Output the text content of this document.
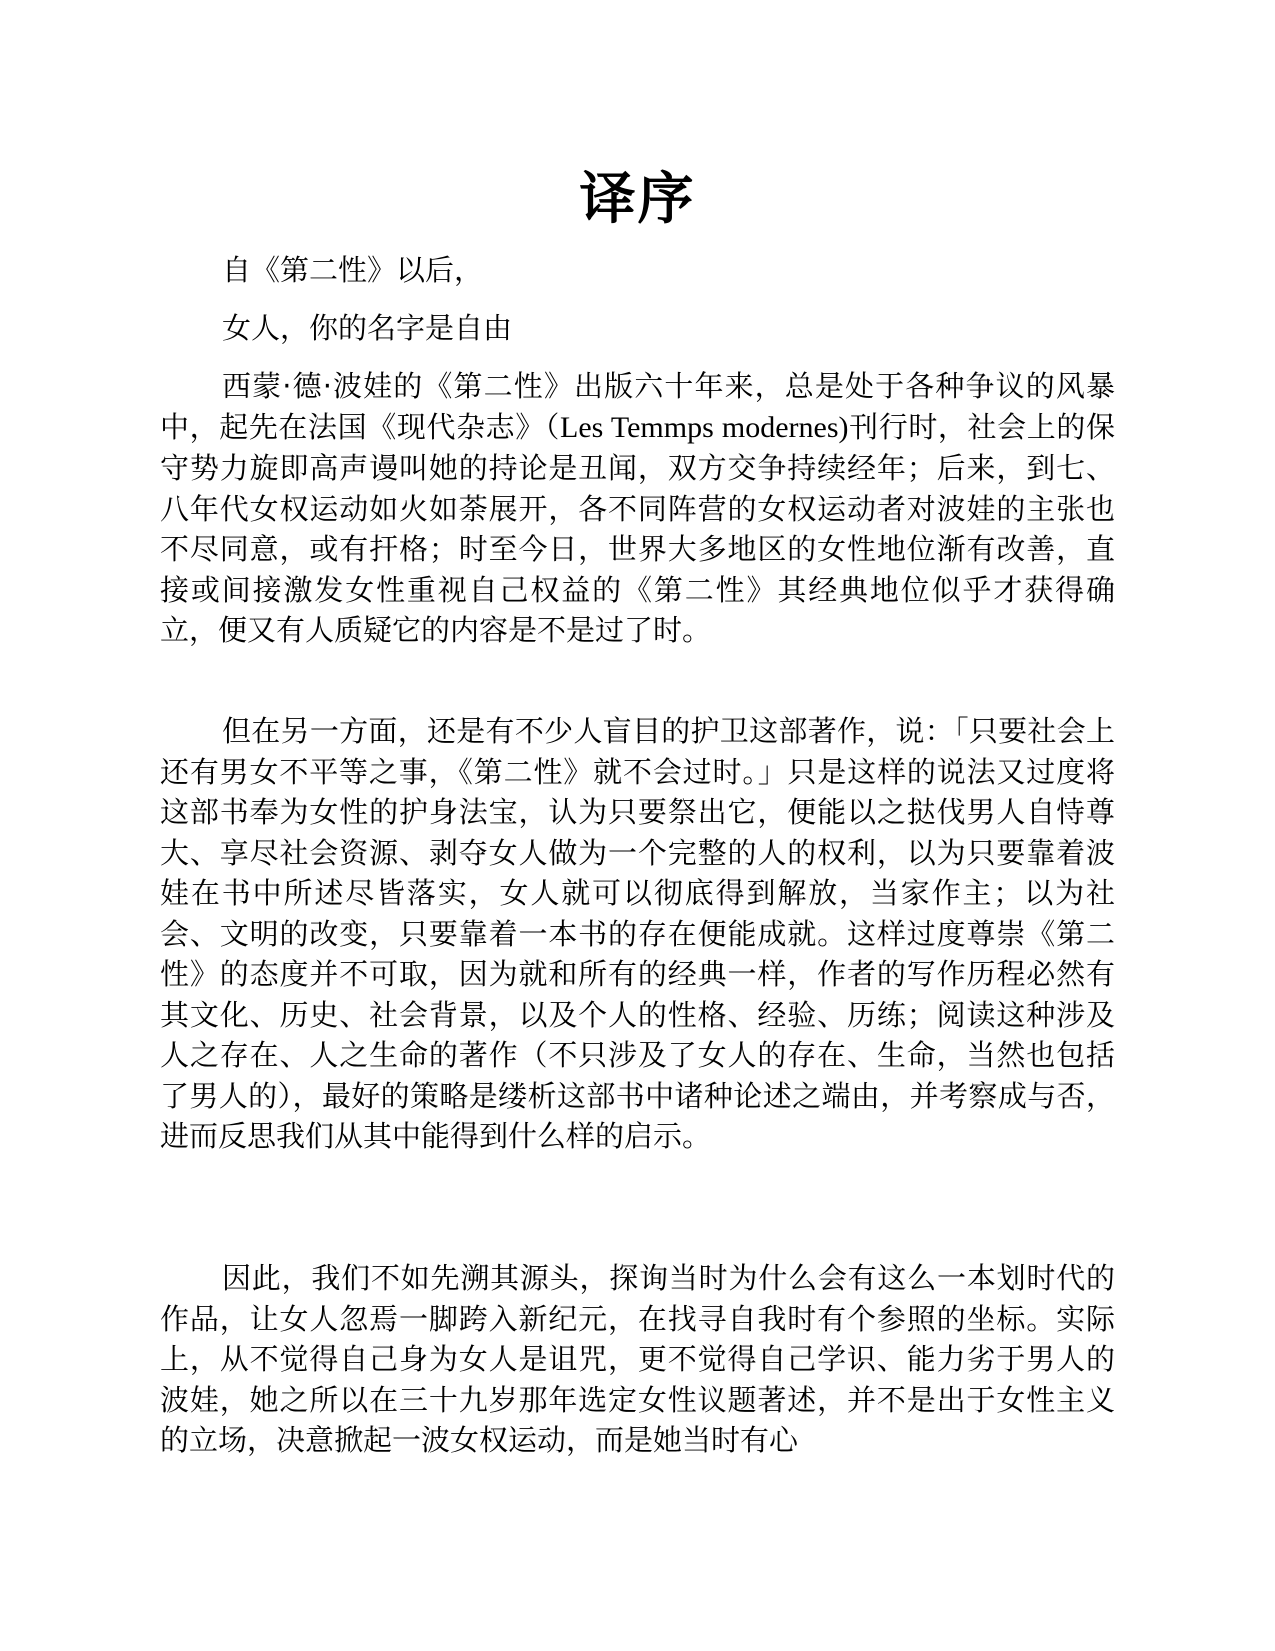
译序

自《第二性》以后，

女人，你的名字是自由

西蒙·德·波娃的《第二性》出版六十年来，总是处于各种争议的风暴中，起先在法国《现代杂志》（Les Temmps modernes)刊行时，社会上的保守势力旋即高声谩叫她的持论是丑闻，双方交争持续经年；后来，到七、八年代女权运动如火如荼展开，各不同阵营的女权运动者对波娃的主张也不尽同意，或有扞格；时至今日，世界大多地区的女性地位渐有改善，直接或间接激发女性重视自己权益的《第二性》其经典地位似乎才获得确立，便又有人质疑它的内容是不是过了时。

但在另一方面，还是有不少人盲目的护卫这部著作，说：「只要社会上还有男女不平等之事，《第二性》就不会过时。」只是这样的说法又过度将这部书奉为女性的护身法宝，认为只要祭出它，便能以之挞伐男人自恃尊大、享尽社会资源、剥夺女人做为一个完整的人的权利，以为只要靠着波娃在书中所述尽皆落实，女人就可以彻底得到解放，当家作主；以为社会、文明的改变，只要靠着一本书的存在便能成就。这样过度尊崇《第二性》的态度并不可取，因为就和所有的经典一样，作者的写作历程必然有其文化、历史、社会背景，以及个人的性格、经验、历练；阅读这种涉及人之存在、人之生命的著作（不只涉及了女人的存在、生命，当然也包括了男人的），最好的策略是缕析这部书中诸种论述之端由，并考察成与否，进而反思我们从其中能得到什么样的启示。

因此，我们不如先溯其源头，探询当时为什么会有这么一本划时代的作品，让女人忽焉一脚跨入新纪元，在找寻自我时有个参照的坐标。实际上，从不觉得自己身为女人是诅咒，更不觉得自己学识、能力劣于男人的波娃，她之所以在三十九岁那年选定女性议题著述，并不是出于女性主义的立场，决意掀起一波女权运动，而是她当时有心
